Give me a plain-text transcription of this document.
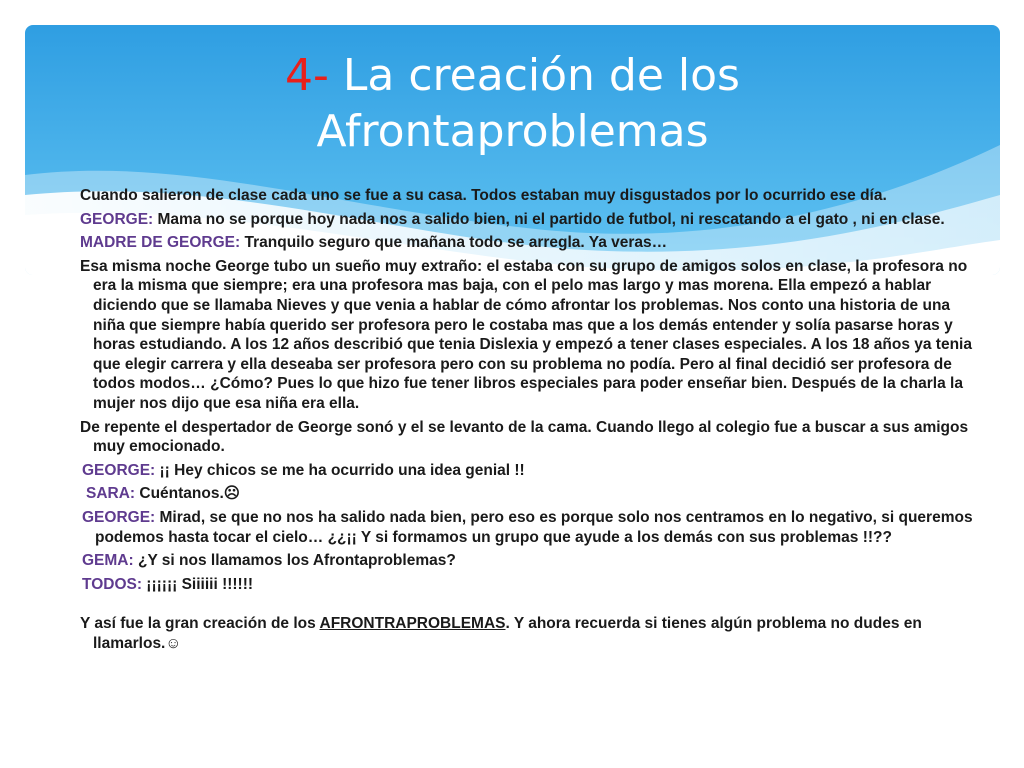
4- La creación de los
Afrontaproblemas

Cuando salieron de clase cada uno se fue a su casa. Todos estaban muy disgustados por lo ocurrido ese día.

GEORGE: Mama no se porque hoy nada nos a salido bien, ni el partido de futbol, ni rescatando a el gato , ni en clase.

MADRE DE GEORGE: Tranquilo seguro que mañana todo se arregla. Ya veras…

Esa misma noche George tubo un sueño muy extraño: el estaba con su grupo de amigos solos en clase, la profesora no era la misma que siempre; era una profesora mas baja, con el pelo mas largo y mas morena. Ella empezó a hablar diciendo que se llamaba Nieves y que venia a hablar de cómo afrontar los problemas. Nos conto una historia de una niña que siempre había querido ser profesora pero le costaba mas que a los demás entender y solía pasarse horas y horas estudiando. A los 12 años describió que tenia Dislexia y empezó a tener clases especiales. A los 18 años ya tenia que elegir carrera y ella deseaba ser profesora pero con su problema no podía. Pero al final decidió ser profesora de todos modos… ¿Cómo? Pues lo que hizo fue tener libros especiales para poder enseñar bien. Después de la charla la mujer nos dijo que esa niña era ella.

De repente el despertador de George sonó y el se levanto de la cama. Cuando llego al colegio fue a buscar a sus amigos muy emocionado.

GEORGE: ¡¡ Hey chicos se me ha ocurrido una idea genial !!

SARA: Cuéntanos.☹

GEORGE: Mirad, se que no nos ha salido nada bien, pero eso es porque solo nos centramos en lo negativo, si queremos podemos hasta tocar el cielo… ¿¿¡¡ Y si formamos un grupo que ayude a los demás con sus problemas !!??

GEMA: ¿Y si nos llamamos los Afrontaproblemas?

TODOS: ¡¡¡¡¡¡ Siiiiii !!!!!!

Y así fue la gran creación de los AFRONTRAPROBLEMAS. Y ahora recuerda si tienes algún problema no dudes en llamarlos.☺
